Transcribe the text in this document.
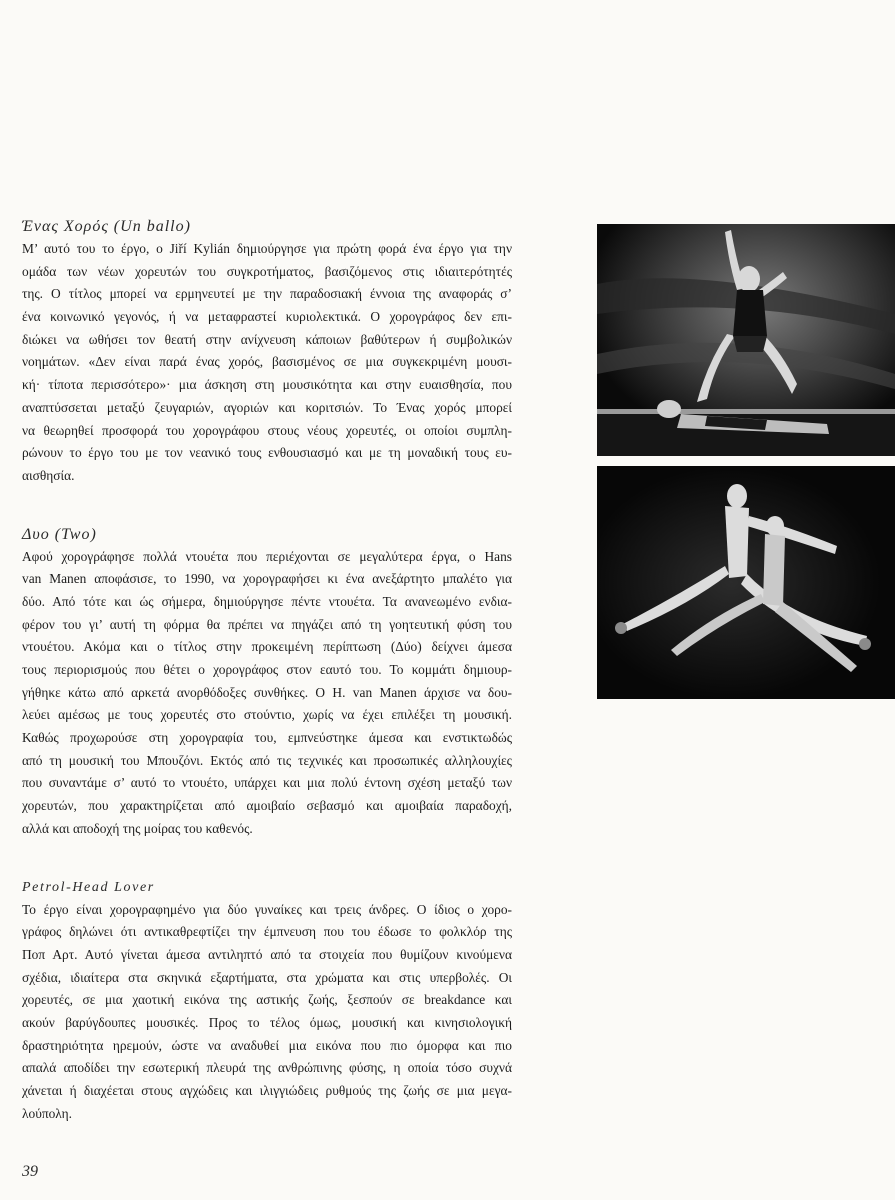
Ένας Χορός (Un ballo)
Μ’ αυτό του το έργο, ο Jiří Kylián δημιούργησε για πρώτη φορά ένα έργο για την
ομάδα των νέων χορευτών του συγκροτήματος, βασιζόμενος στις ιδιαιτερότητές
της. Ο τίτλος μπορεί να ερμηνευτεί με την παραδοσιακή έννοια της αναφοράς σ’
ένα κοινωνικό γεγονός, ή να μεταφραστεί κυριολεκτικά. Ο χορογράφος δεν επι-
διώκει να ωθήσει τον θεατή στην ανίχνευση κάποιων βαθύτερων ή συμβολικών
νοημάτων. «Δεν είναι παρά ένας χορός, βασισμένος σε μια συγκεκριμένη μουσι-
κή· τίποτα περισσότερο»· μια άσκηση στη μουσικότητα και στην ευαισθησία, που
αναπτύσσεται μεταξύ ζευγαριών, αγοριών και κοριτσιών. Το Ένας χορός μπορεί
να θεωρηθεί προσφορά του χορογράφου στους νέους χορευτές, οι οποίοι συμπλη-
ρώνουν το έργο του με τον νεανικό τους ενθουσιασμό και με τη μοναδική τους ευ-
αισθησία.
Δυο (Two)
Αφού χορογράφησε πολλά ντουέτα που περιέχονται σε μεγαλύτερα έργα, ο Hans
van Manen αποφάσισε, το 1990, να χορογραφήσει κι ένα ανεξάρτητο μπαλέτο για
δύο. Από τότε και ώς σήμερα, δημιούργησε πέντε ντουέτα. Τα ανανεωμένο ενδια-
φέρον του γι’ αυτή τη φόρμα θα πρέπει να πηγάζει από τη γοητευτική φύση του
ντουέτου. Ακόμα και ο τίτλος στην προκειμένη περίπτωση (Δύο) δείχνει άμεσα
τους περιορισμούς που θέτει ο χορογράφος στον εαυτό του. Το κομμάτι δημιουρ-
γήθηκε κάτω από αρκετά ανορθόδοξες συνθήκες. Ο Η. van Manen άρχισε να δου-
λεύει αμέσως με τους χορευτές στο στούντιο, χωρίς να έχει επιλέξει τη μουσική.
Καθώς προχωρούσε στη χορογραφία του, εμπνεύστηκε άμεσα και ενστικτωδώς
από τη μουσική του Μπουζόνι. Εκτός από τις τεχνικές και προσωπικές αλληλουχίες
που συναντάμε σ’ αυτό το ντουέτο, υπάρχει και μια πολύ έντονη σχέση μεταξύ των
χορευτών, που χαρακτηρίζεται από αμοιβαίο σεβασμό και αμοιβαία παραδοχή,
αλλά και αποδοχή της μοίρας του καθενός.
Petrol-Head Lover
Το έργο είναι χορογραφημένο για δύο γυναίκες και τρεις άνδρες. Ο ίδιος ο χορο-
γράφος δηλώνει ότι αντικαθρεφτίζει την έμπνευση που του έδωσε το φολκλόρ της
Ποπ Αρτ. Αυτό γίνεται άμεσα αντιληπτό από τα στοιχεία που θυμίζουν κινούμενα
σχέδια, ιδιαίτερα στα σκηνικά εξαρτήματα, στα χρώματα και στις υπερβολές. Οι
χορευτές, σε μια χαοτική εικόνα της αστικής ζωής, ξεσπούν σε breakdance και
ακούν βαρύγδουπες μουσικές. Προς το τέλος όμως, μουσική και κινησιολογική
δραστηριότητα ηρεμούν, ώστε να αναδυθεί μια εικόνα που πιο όμορφα και πιο
απαλά αποδίδει την εσωτερική πλευρά της ανθρώπινης φύσης, η οποία τόσο συχνά
χάνεται ή διαχέεται στους αγχώδεις και ιλιγγιώδεις ρυθμούς της ζωής σε μια μεγα-
λούπολη.
39
